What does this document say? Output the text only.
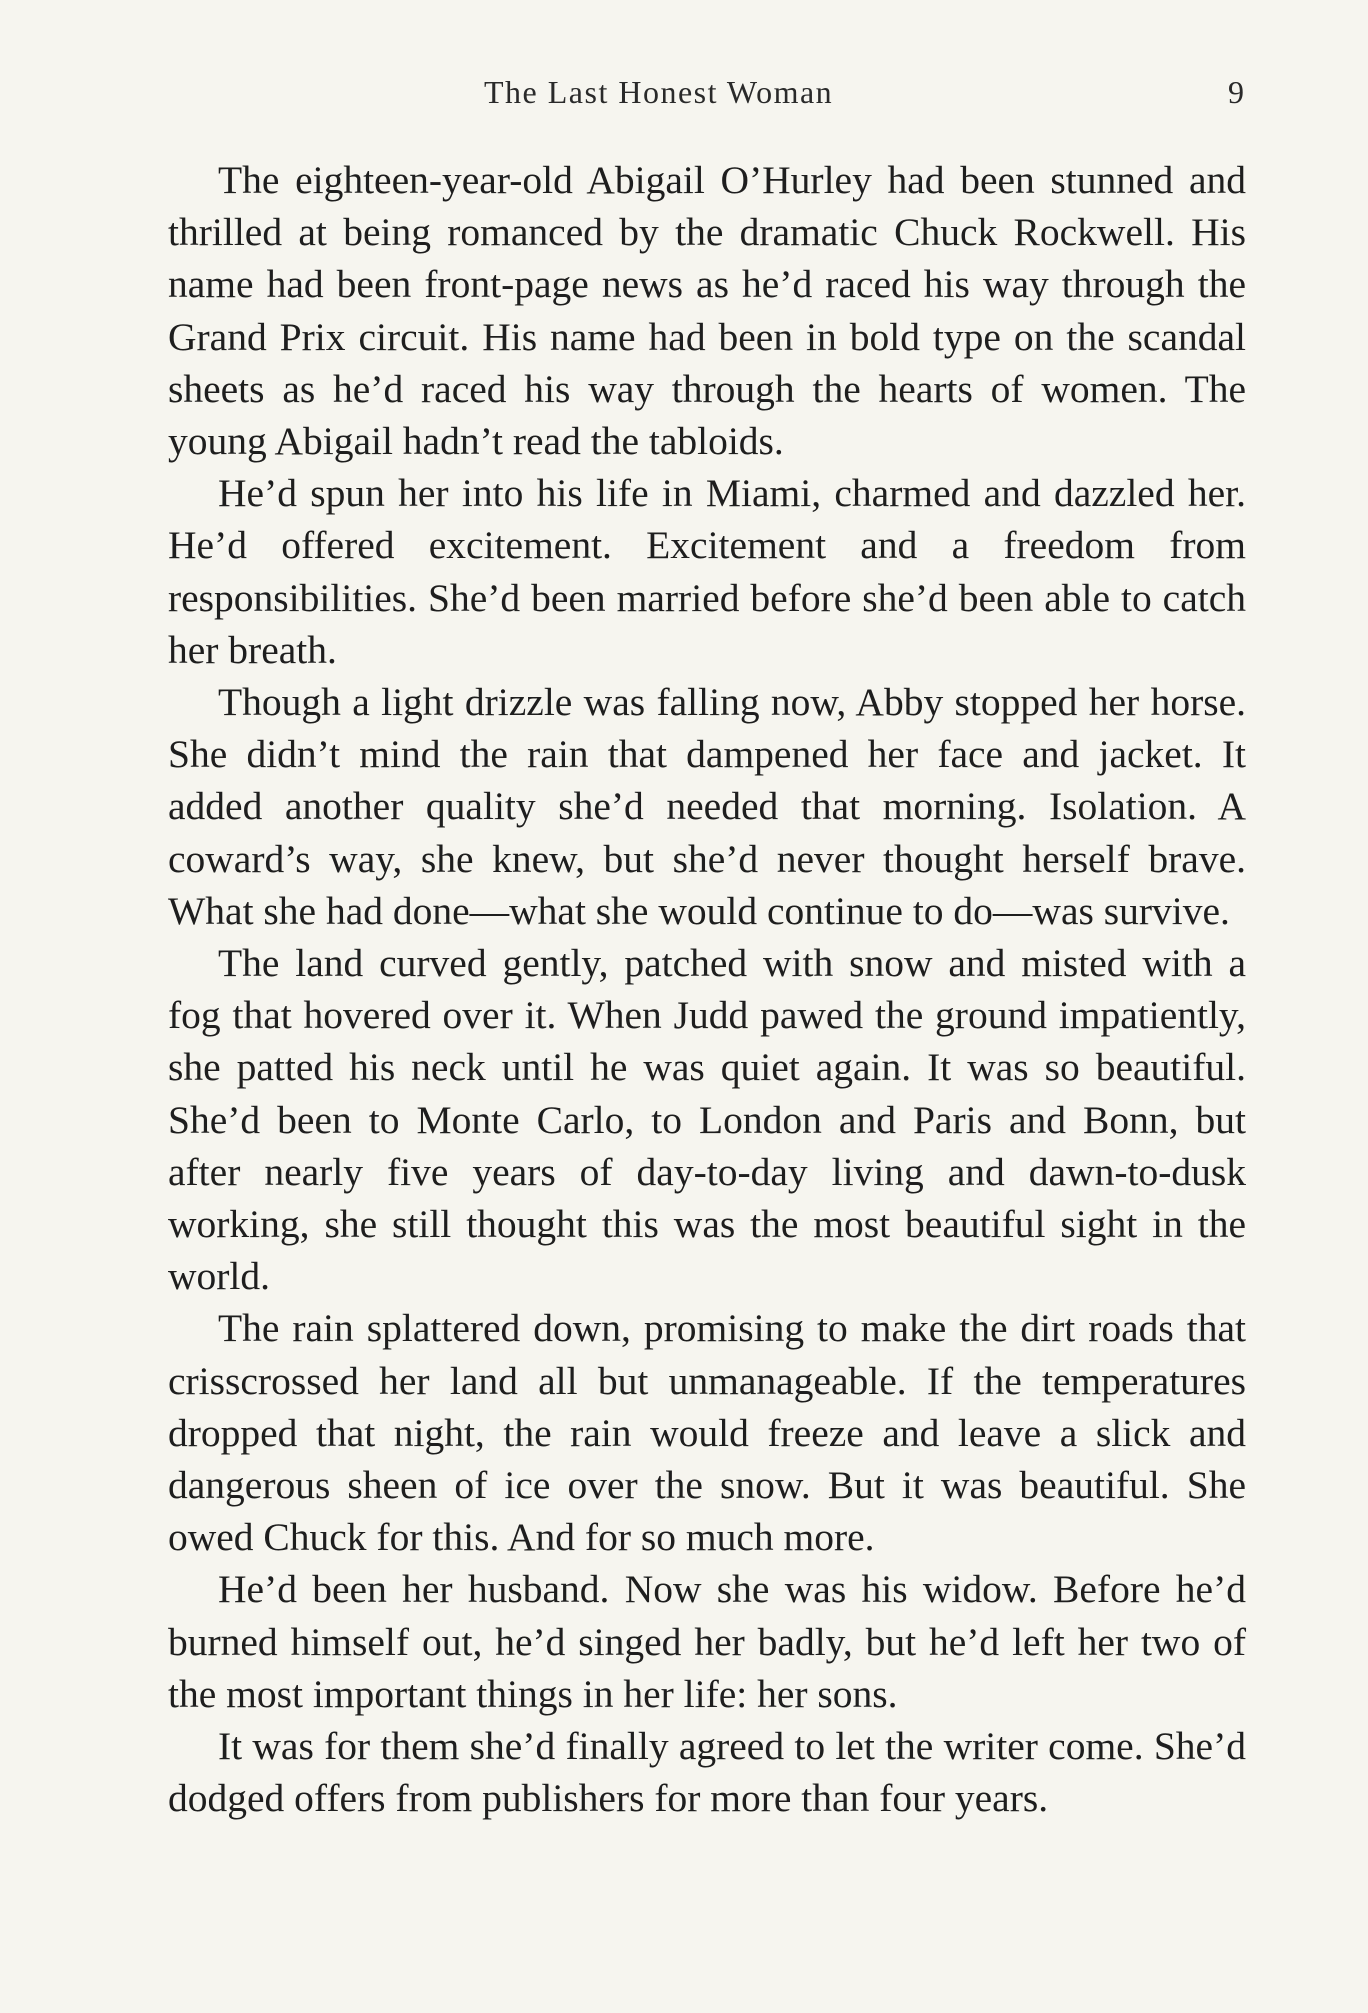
The Last Honest Woman	9

The eighteen-year-old Abigail O’Hurley had been stunned and thrilled at being romanced by the dramatic Chuck Rockwell. His name had been front-page news as he’d raced his way through the Grand Prix circuit. His name had been in bold type on the scandal sheets as he’d raced his way through the hearts of women. The young Abigail hadn’t read the tabloids.

He’d spun her into his life in Miami, charmed and dazzled her. He’d offered excitement. Excitement and a freedom from responsibilities. She’d been married before she’d been able to catch her breath.

Though a light drizzle was falling now, Abby stopped her horse. She didn’t mind the rain that dampened her face and jacket. It added another quality she’d needed that morning. Isolation. A coward’s way, she knew, but she’d never thought herself brave. What she had done—what she would continue to do—was survive.

The land curved gently, patched with snow and misted with a fog that hovered over it. When Judd pawed the ground impatiently, she patted his neck until he was quiet again. It was so beautiful. She’d been to Monte Carlo, to London and Paris and Bonn, but after nearly five years of day-to-day living and dawn-to-dusk working, she still thought this was the most beautiful sight in the world.

The rain splattered down, promising to make the dirt roads that crisscrossed her land all but unmanageable. If the temperatures dropped that night, the rain would freeze and leave a slick and dangerous sheen of ice over the snow. But it was beautiful. She owed Chuck for this. And for so much more.

He’d been her husband. Now she was his widow. Before he’d burned himself out, he’d singed her badly, but he’d left her two of the most important things in her life: her sons.

It was for them she’d finally agreed to let the writer come. She’d dodged offers from publishers for more than four years.
